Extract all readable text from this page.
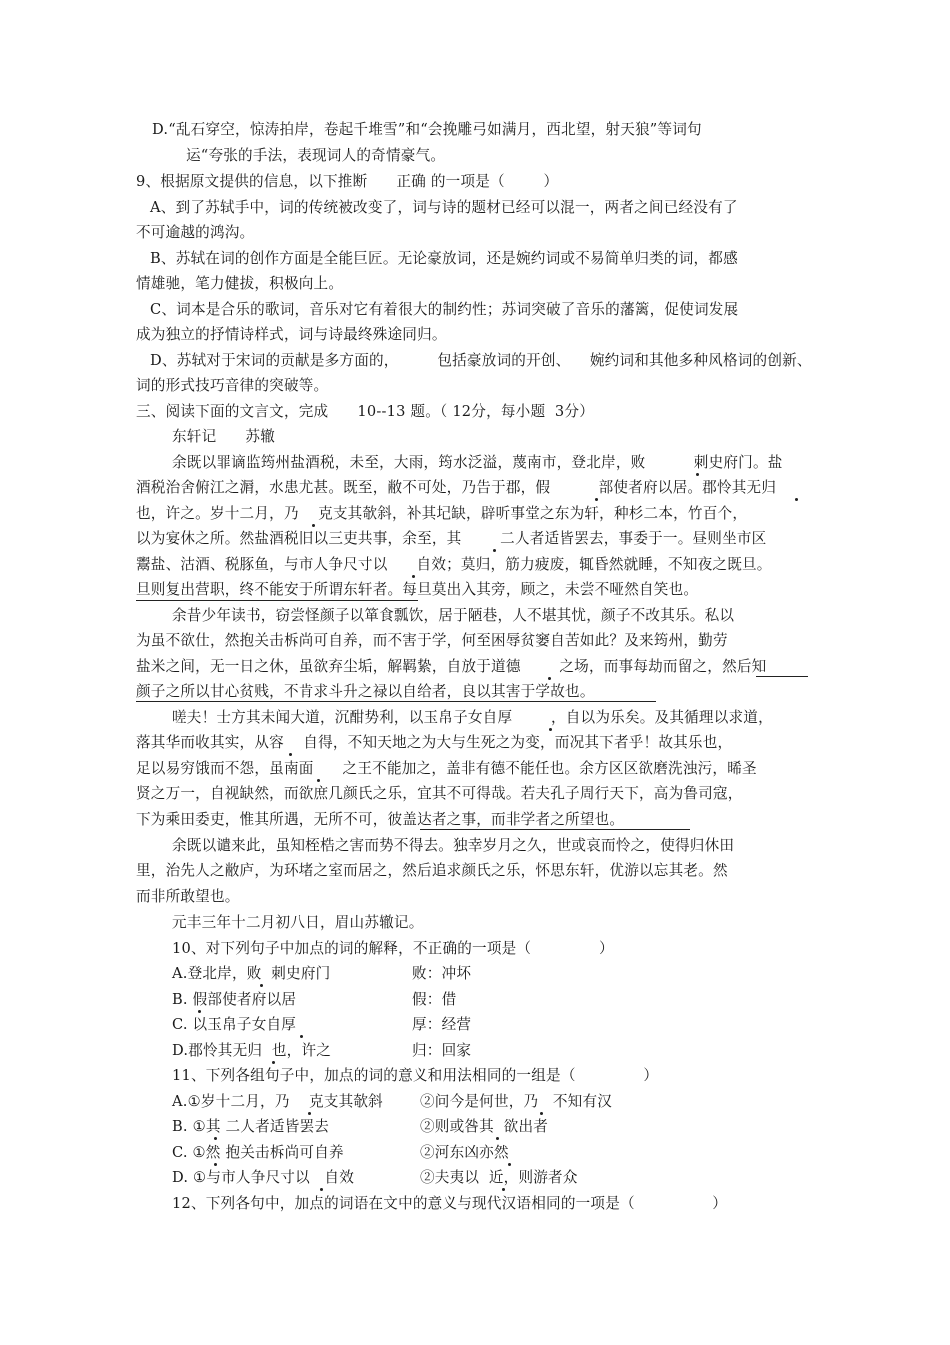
D.“乱石穿空，惊涛拍岸，卷起千堆雪”和“会挽雕弓如满月，西北望，射天狼”等词句
运“夸张的手法，表现词人的奇情豪气。
9、根据原文提供的信息，以下推断      正确 的一项是（        ）
A、到了苏轼手中，词的传统被改变了，词与诗的题材已经可以混一，两者之间已经没有了
不可逾越的鸿沟。
B、苏轼在词的创作方面是全能巨匠。无论豪放词，还是婉约词或不易简单归类的词，都感
情雄驰，笔力健拔，积极向上。
C、词本是合乐的歌词，音乐对它有着很大的制约性；苏词突破了音乐的藩篱，促使词发展
成为独立的抒情诗样式，词与诗最终殊途同归。
D、苏轼对于宋词的贡献是多方面的，        包括豪放词的开创、    婉约词和其他多种风格词的创新、
词的形式技巧音律的突破等。
三、阅读下面的文言文，完成      10--13 题。（ 12分，每小题  3分）
东轩记      苏辙
余既以罪谪监筠州盐酒税，未至，大雨，筠水泛溢，蔑南市，登北岸，败          刺史府门。盐
酒税治舍俯江之漘，水患尤甚。既至，敝不可处，乃告于郡，假          部使者府以居。郡怜其无归
也，许之。岁十二月，乃    克支其欹斜，补其圮缺，辟听事堂之东为轩，种杉二本，竹百个，
以为宴休之所。然盐酒税旧以三吏共事，余至，其        二人者适皆罢去，事委于一。昼则坐市区
鬻盐、沽酒、税豚鱼，与市人争尺寸以      自效；莫归，筋力疲废，辄昏然就睡，不知夜之既旦。
旦则复出营职，终不能安于所谓东轩者。每旦莫出入其旁，顾之，未尝不哑然自笑也。
余昔少年读书，窃尝怪颜子以箪食瓢饮，居于陋巷，人不堪其忧，颜子不改其乐。私以
为虽不欲仕，然抱关击柝尚可自养，而不害于学，何至困辱贫窭自苦如此？及来筠州，勤劳
盐米之间，无一日之休，虽欲弃尘垢，解羁絷，自放于道德        之场，而事每劫而留之，然后知
颜子之所以甘心贫贱，不肯求斗升之禄以自给者，良以其害于学故也。
嗟夫！士方其未闻大道，沉酣势利，以玉帛子女自厚        ，自以为乐矣。及其循理以求道，
落其华而收其实，从容    自得，不知天地之为大与生死之为变，而况其下者乎！故其乐也，
足以易穷饿而不怨，虽南面      之王不能加之，盖非有德不能任也。余方区区欲磨洗浊污，晞圣
贤之万一，自视缺然，而欲庶几颜氏之乐，宜其不可得哉。若夫孔子周行天下，高为鲁司寇，
下为乘田委吏，惟其所遇，无所不可，彼盖达者之事，而非学者之所望也。
余既以谴来此，虽知桎梏之害而势不得去。独幸岁月之久，世或哀而怜之，使得归休田
里，治先人之敝庐，为环堵之室而居之，然后追求颜氏之乐，怀思东轩，优游以忘其老。然
而非所敢望也。
元丰三年十二月初八日，眉山苏辙记。
10、对下列句子中加点的词的解释，不正确的一项是（              ）
A.登北岸，败  刺史府门	败：冲坏
B. 假部使者府以居	假：借
C. 以玉帛子女自厚	厚：经营
D.郡怜其无归  也，许之	归：回家
11、下列各组句子中，加点的词的意义和用法相同的一组是（              ）
A.①岁十二月，乃    克支其欹斜	②问今是何世，乃   不知有汉
B. ①其 二人者适皆罢去	②则或咎其  欲出者
C. ①然 抱关击柝尚可自养	②河东凶亦然
D. ①与市人争尺寸以   自效	②夫夷以  近，则游者众
12、下列各句中，加点的词语在文中的意义与现代汉语相同的一项是（                ）
